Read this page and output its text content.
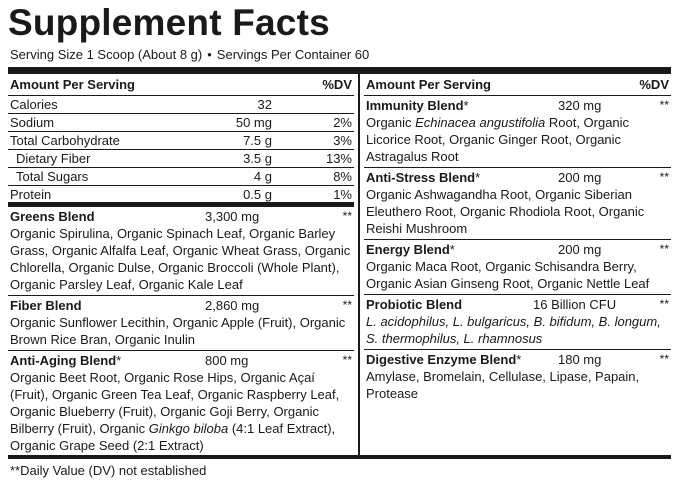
Supplement Facts
Serving Size 1 Scoop (About 8 g) • Servings Per Container 60
Amount Per Serving	%DV
Calories	32
Sodium	50 mg	2%
Total Carbohydrate	7.5 g	3%
Dietary Fiber	3.5 g	13%
Total Sugars	4 g	8%
Protein	0.5 g	1%
Greens Blend	3,300 mg	**
Organic Spirulina, Organic Spinach Leaf, Organic Barley Grass, Organic Alfalfa Leaf, Organic Wheat Grass, Organic Chlorella, Organic Dulse, Organic Broccoli (Whole Plant), Organic Parsley Leaf, Organic Kale Leaf
Fiber Blend	2,860 mg	**
Organic Sunflower Lecithin, Organic Apple (Fruit), Organic Brown Rice Bran, Organic Inulin
Anti-Aging Blend*	800 mg	**
Organic Beet Root, Organic Rose Hips, Organic Açaí (Fruit), Organic Green Tea Leaf, Organic Raspberry Leaf, Organic Blueberry (Fruit), Organic Goji Berry, Organic Bilberry (Fruit), Organic Ginkgo biloba (4:1 Leaf Extract), Organic Grape Seed (2:1 Extract)
Amount Per Serving	%DV
Immunity Blend*	320 mg	**
Organic Echinacea angustifolia Root, Organic Licorice Root, Organic Ginger Root, Organic Astragalus Root
Anti-Stress Blend*	200 mg	**
Organic Ashwagandha Root, Organic Siberian Eleuthero Root, Organic Rhodiola Root, Organic Reishi Mushroom
Energy Blend*	200 mg	**
Organic Maca Root, Organic Schisandra Berry, Organic Asian Ginseng Root, Organic Nettle Leaf
Probiotic Blend	16 Billion CFU	**
L. acidophilus, L. bulgaricus, B. bifidum, B. longum, S. thermophilus, L. rhamnosus
Digestive Enzyme Blend*	180 mg	**
Amylase, Bromelain, Cellulase, Lipase, Papain, Protease
**Daily Value (DV) not established
